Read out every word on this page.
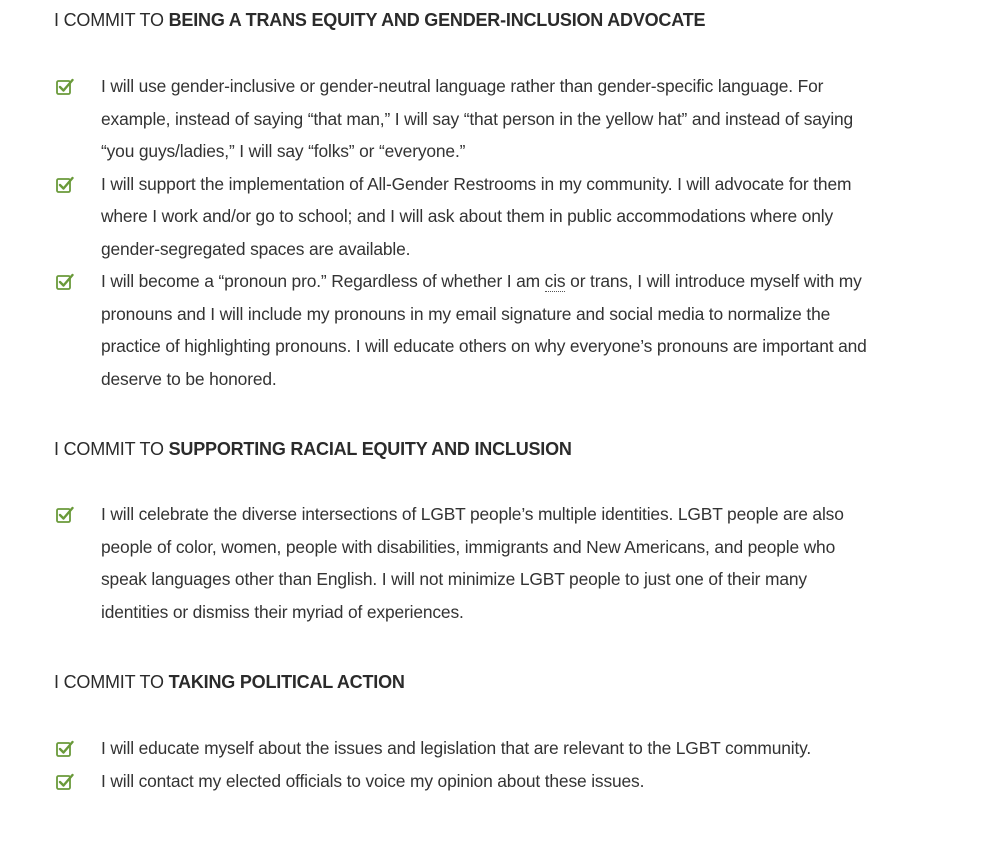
I COMMIT TO BEING A TRANS EQUITY AND GENDER-INCLUSION ADVOCATE
I will use gender-inclusive or gender-neutral language rather than gender-specific language. For example, instead of saying “that man,” I will say “that person in the yellow hat” and instead of saying “you guys/ladies,” I will say “folks” or “everyone.”
I will support the implementation of All-Gender Restrooms in my community. I will advocate for them where I work and/or go to school; and I will ask about them in public accommodations where only gender-segregated spaces are available.
I will become a “pronoun pro.” Regardless of whether I am cis or trans, I will introduce myself with my pronouns and I will include my pronouns in my email signature and social media to normalize the practice of highlighting pronouns. I will educate others on why everyone’s pronouns are important and deserve to be honored.
I COMMIT TO SUPPORTING RACIAL EQUITY AND INCLUSION
I will celebrate the diverse intersections of LGBT people’s multiple identities. LGBT people are also people of color, women, people with disabilities, immigrants and New Americans, and people who speak languages other than English. I will not minimize LGBT people to just one of their many identities or dismiss their myriad of experiences.
I COMMIT TO TAKING POLITICAL ACTION
I will educate myself about the issues and legislation that are relevant to the LGBT community.
I will contact my elected officials to voice my opinion about these issues.
